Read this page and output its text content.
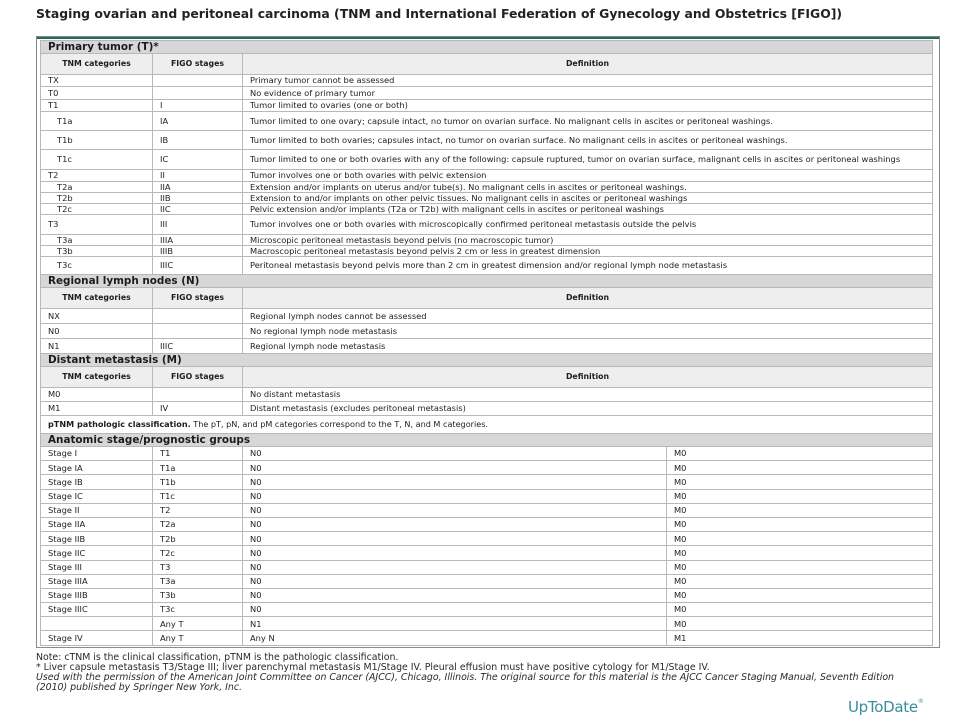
Staging ovarian and peritoneal carcinoma (TNM and International Federation of Gynecology and Obstetrics [FIGO])
Primary tumor (T)*			
TNM categories	FIGO stages	Definition	
TX		Primary tumor cannot be assessed	
T0		No evidence of primary tumor	
T1	I	Tumor limited to ovaries (one or both)	
T1a	IA	Tumor limited to one ovary; capsule intact, no tumor on ovarian surface. No malignant cells in ascites or peritoneal washings.	
T1b	IB	Tumor limited to both ovaries; capsules intact, no tumor on ovarian surface. No malignant cells in ascites or peritoneal washings.	
T1c	IC	Tumor limited to one or both ovaries with any of the following: capsule ruptured, tumor on ovarian surface, malignant cells in ascites or peritoneal washings	
T2	II	Tumor involves one or both ovaries with pelvic extension	
T2a	IIA	Extension and/or implants on uterus and/or tube(s). No malignant cells in ascites or peritoneal washings.	
T2b	IIB	Extension to and/or implants on other pelvic tissues. No malignant cells in ascites or peritoneal washings	
T2c	IIC	Pelvic extension and/or implants (T2a or T2b) with malignant cells in ascites or peritoneal washings	
T3	III	Tumor involves one or both ovaries with microscopically confirmed peritoneal metastasis outside the pelvis	
T3a	IIIA	Microscopic peritoneal metastasis beyond pelvis (no macroscopic tumor)	
T3b	IIIB	Macroscopic peritoneal metastasis beyond pelvis 2 cm or less in greatest dimension	
T3c	IIIC	Peritoneal metastasis beyond pelvis more than 2 cm in greatest dimension and/or regional lymph node metastasis	
Regional lymph nodes (N)			
TNM categories	FIGO stages	Definition	
NX		Regional lymph nodes cannot be assessed	
N0		No regional lymph node metastasis	
N1	IIIC	Regional lymph node metastasis	
Distant metastasis (M)			
TNM categories	FIGO stages	Definition	
M0		No distant metastasis	
M1	IV	Distant metastasis (excludes peritoneal metastasis)	
pTNM pathologic classification. The pT, pN, and pM categories correspond to the T, N, and M categories.			
Anatomic stage/prognostic groups			
Stage I	T1	N0	M0
Stage IA	T1a	N0	M0
Stage IB	T1b	N0	M0
Stage IC	T1c	N0	M0
Stage II	T2	N0	M0
Stage IIA	T2a	N0	M0
Stage IIB	T2b	N0	M0
Stage IIC	T2c	N0	M0
Stage III	T3	N0	M0
Stage IIIA	T3a	N0	M0
Stage IIIB	T3b	N0	M0
Stage IIIC	T3c	N0	M0
	Any T	N1	M0
Stage IV	Any T	Any N	M1
Note: cTNM is the clinical classification, pTNM is the pathologic classification.
* Liver capsule metastasis T3/Stage III; liver parenchymal metastasis M1/Stage IV. Pleural effusion must have positive cytology for M1/Stage IV.
Used with the permission of the American Joint Committee on Cancer (AJCC), Chicago, Illinois. The original source for this material is the AJCC Cancer Staging Manual, Seventh Edition (2010) published by Springer New York, Inc.
UpToDate®
